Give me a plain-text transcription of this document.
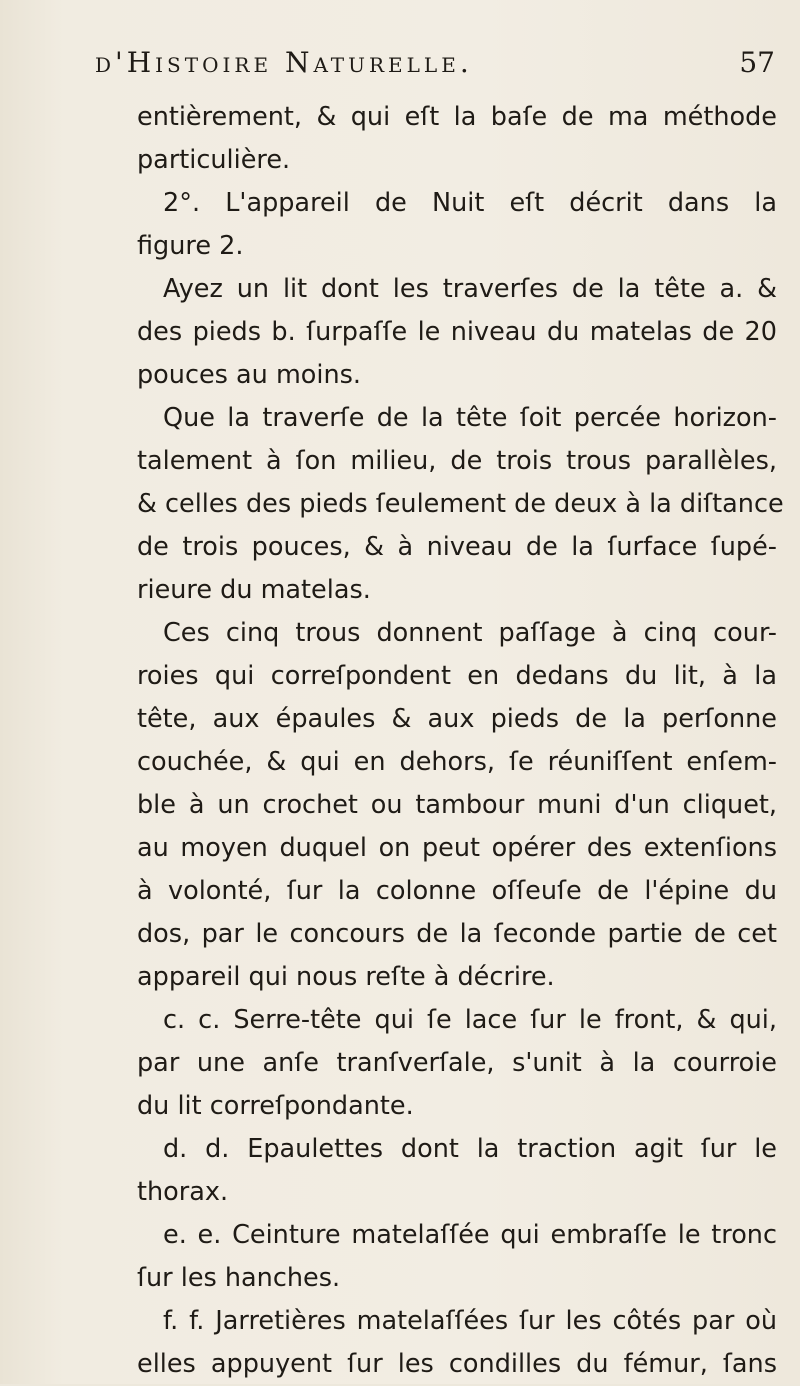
d'Histoire Naturelle.	57
entièrement, & qui eſt la baſe de ma méthode
particulière.
2°. L'appareil de Nuit eſt décrit dans la
figure 2.
Ayez un lit dont les traverſes de la tête a. &
des pieds b. ſurpaſſe le niveau du matelas de 20
pouces au moins.
Que la traverſe de la tête ſoit percée horizon-
talement à ſon milieu, de trois trous parallèles,
& celles des pieds ſeulement de deux à la diſtance
de trois pouces, & à niveau de la ſurface ſupé-
rieure du matelas.
Ces cinq trous donnent paſſage à cinq cour-
roies qui correſpondent en dedans du lit, à la
tête, aux épaules & aux pieds de la perſonne
couchée, & qui en dehors, ſe réuniſſent enſem-
ble à un crochet ou tambour muni d'un cliquet,
au moyen duquel on peut opérer des extenſions
à volonté, ſur la colonne oſſeuſe de l'épine du
dos, par le concours de la ſeconde partie de cet
appareil qui nous reſte à décrire.
c. c. Serre-tête qui ſe lace ſur le front, & qui,
par une anſe tranſverſale, s'unit à la courroie
du lit correſpondante.
d. d. Epaulettes dont la traction agit ſur le
thorax.
e. e. Ceinture matelaſſée qui embraſſe le tronc
ſur les hanches.
f. f. Jarretières matelaſſées ſur les côtés par où
elles appuyent ſur les condilles du fémur, ſans
